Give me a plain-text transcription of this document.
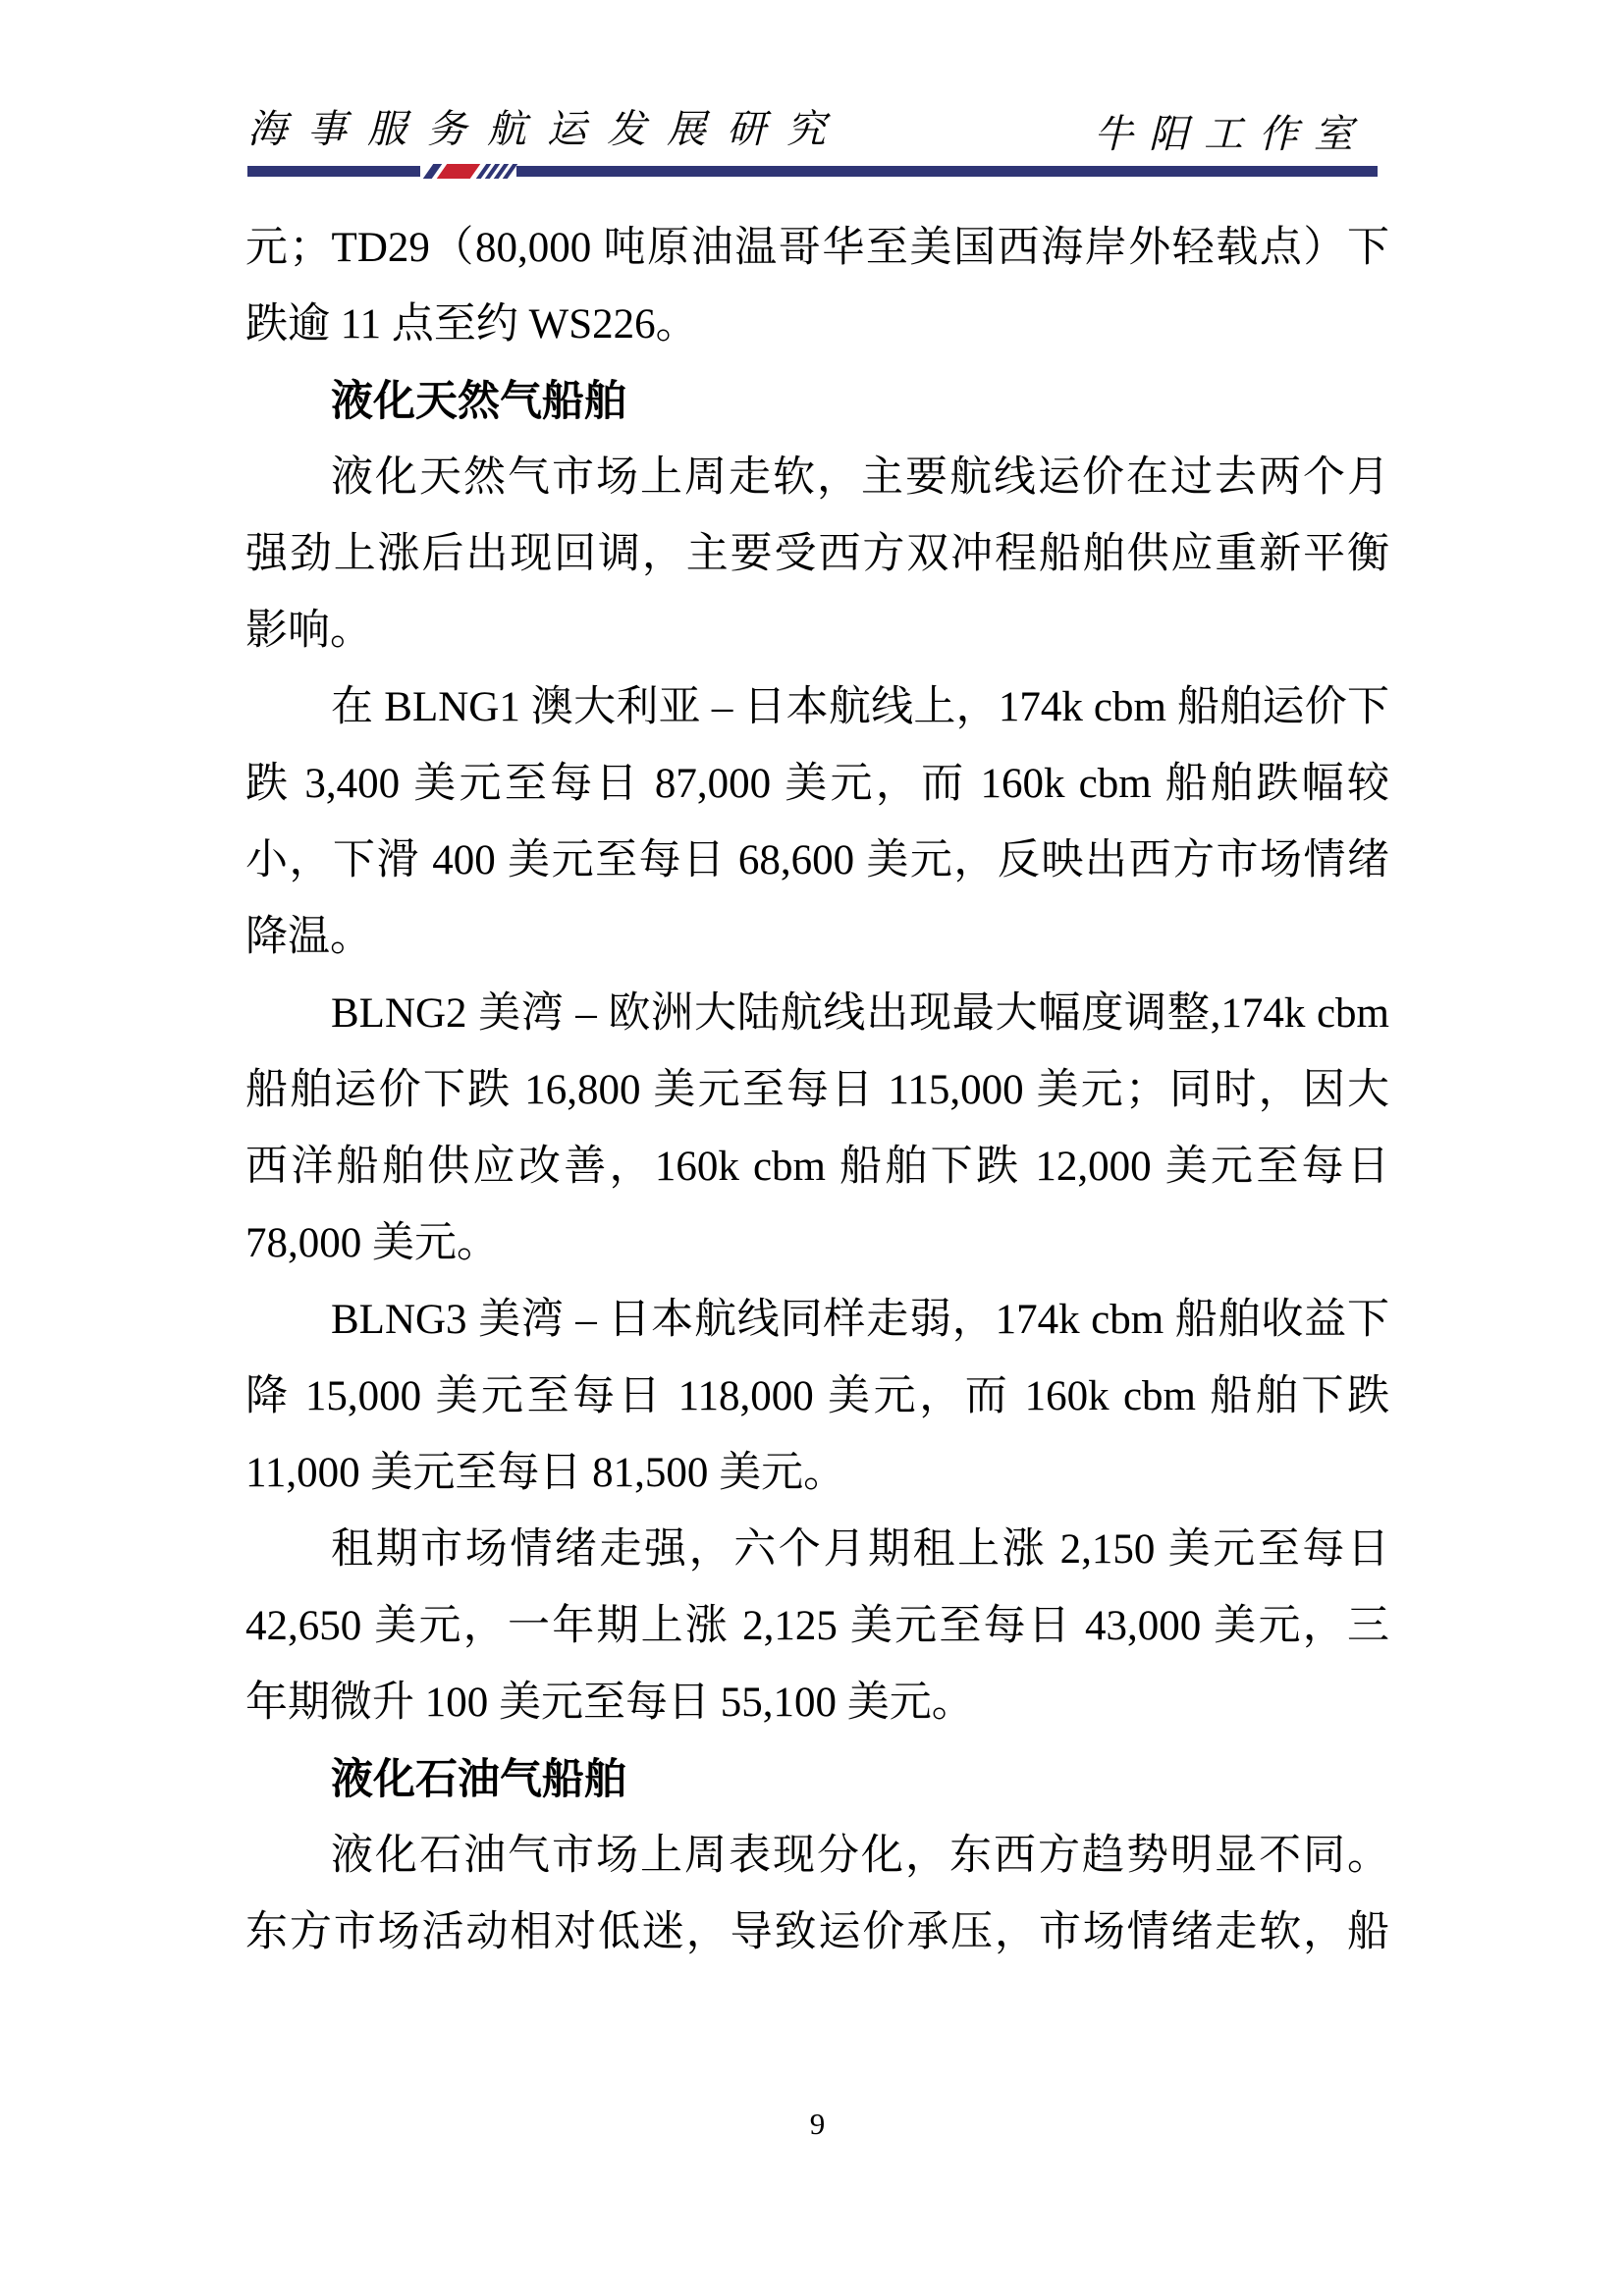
海事服务航运发展研究	牛阳工作室
元；TD29（80,000 吨原油温哥华至美国西海岸外轻载点）下
跌逾 11 点至约 WS226。
液化天然气船舶
液化天然气市场上周走软，主要航线运价在过去两个月
强劲上涨后出现回调，主要受西方双冲程船舶供应重新平衡
影响。
在 BLNG1 澳大利亚 – 日本航线上，174k cbm 船舶运价下
跌 3,400 美元至每日 87,000 美元，而 160k cbm 船舶跌幅较
小，下滑 400 美元至每日 68,600 美元，反映出西方市场情绪
降温。
BLNG2 美湾 – 欧洲大陆航线出现最大幅度调整,174k cbm
船舶运价下跌 16,800 美元至每日 115,000 美元；同时，因大
西洋船舶供应改善，160k cbm 船舶下跌 12,000 美元至每日
78,000 美元。
BLNG3 美湾 – 日本航线同样走弱，174k cbm 船舶收益下
降 15,000 美元至每日 118,000 美元，而 160k cbm 船舶下跌
11,000 美元至每日 81,500 美元。
租期市场情绪走强，六个月期租上涨 2,150 美元至每日
42,650 美元，一年期上涨 2,125 美元至每日 43,000 美元，三
年期微升 100 美元至每日 55,100 美元。
液化石油气船舶
液化石油气市场上周表现分化，东西方趋势明显不同。
东方市场活动相对低迷，导致运价承压，市场情绪走软，船
9
